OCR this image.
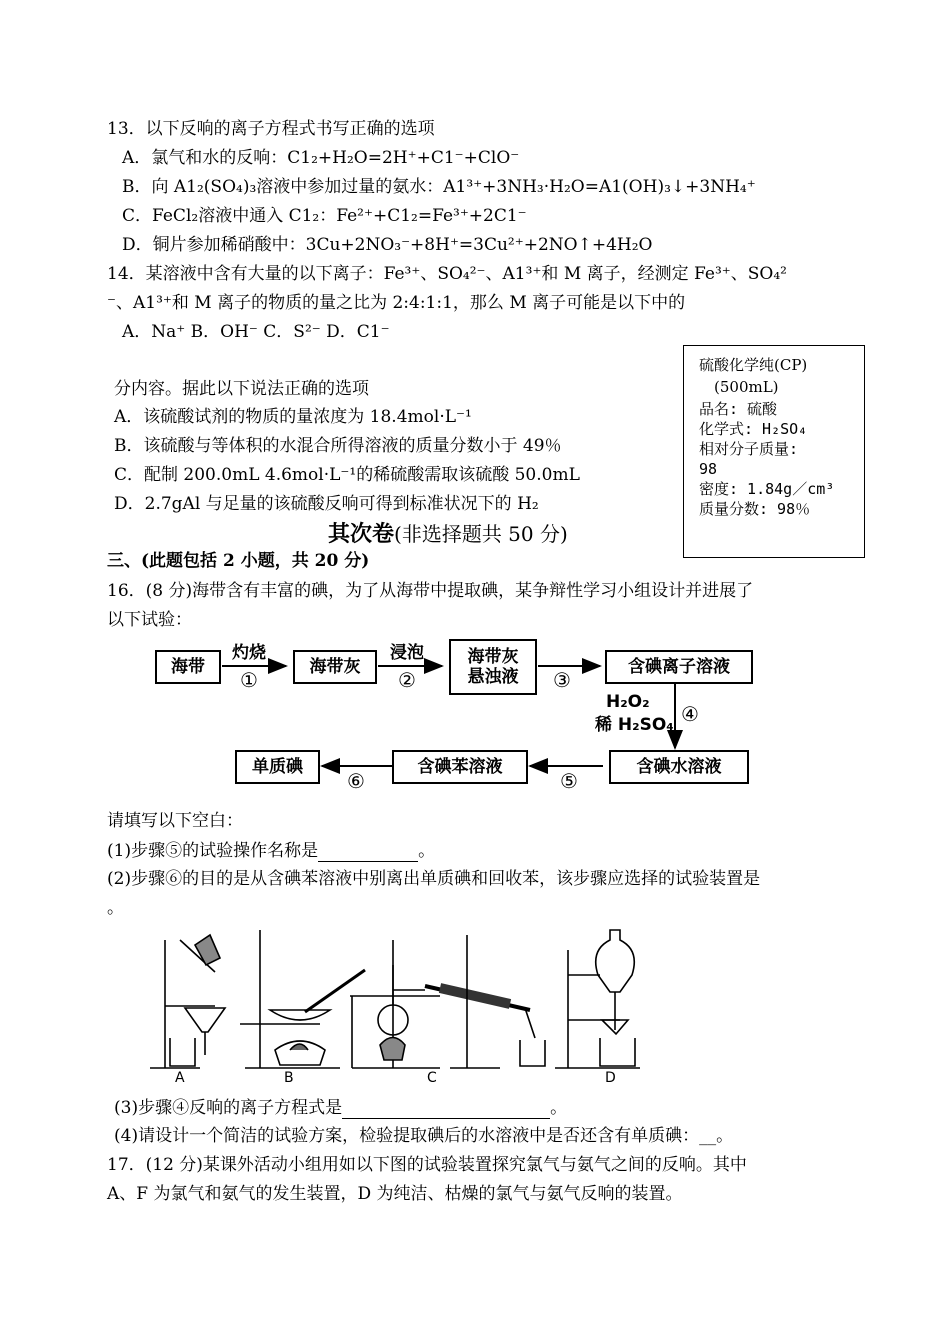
13．以下反响的离子方程式书写正确的选项
A．氯气和水的反响：C1₂+H₂O=2H⁺+C1⁻+ClO⁻
B．向 A1₂(SO₄)₃溶液中参加过量的氨水：A1³⁺+3NH₃·H₂O=A1(OH)₃↓+3NH₄⁺
C．FeCl₂溶液中通入 C1₂：Fe²⁺+C1₂=Fe³⁺+2C1⁻
D．铜片参加稀硝酸中：3Cu+2NO₃⁻+8H⁺=3Cu²⁺+2NO↑+4H₂O
14．某溶液中含有大量的以下离子：Fe³⁺、SO₄²⁻、A1³⁺和 M 离子，经测定 Fe³⁺、SO₄²
⁻、A1³⁺和 M 离子的物质的量之比为 2:4:1:1，那么 M 离子可能是以下中的
A．Na⁺ B．OH⁻ C．S²⁻ D．C1⁻
分内容。据此以下说法正确的选项
A．该硫酸试剂的物质的量浓度为 18.4mol·L⁻¹
B．该硫酸与等体积的水混合所得溶液的质量分数小于 49％
C．配制 200.0mL 4.6mol·L⁻¹的稀硫酸需取该硫酸 50.0mL
D．2.7gAl 与足量的该硫酸反响可得到标准状况下的 H₂
硫酸化学纯(CP)
(500mL)
品名: 硫酸
化学式: H₂SO₄
相对分子质量:
98
密度: 1.84g／cm³
质量分数: 98％
其次卷(非选择题共 50 分)
三、(此题包括 2 小题，共 20 分)
16．(8 分)海带含有丰富的碘，为了从海带中提取碘，某争辩性学习小组设计并进展了
以下试验：
海带	海带灰	海带灰
悬浊液	含碘离子溶液
含碘水溶液
含碘苯溶液
单质碘
灼烧
①
浸泡
②	③
H₂O₂
稀 H₂SO₄ ④
⑤
⑥
请填写以下空白：
(1)步骤⑤的试验操作名称是	。
(2)步骤⑥的目的是从含碘苯溶液中别离出单质碘和回收苯，该步骤应选择的试验装置是
。
A	B	C	D
(3)步骤④反响的离子方程式是	。
(4)请设计一个简洁的试验方案，检验提取碘后的水溶液中是否还含有单质碘：__。
17．(12 分)某课外活动小组用如以下图的试验装置探究氯气与氨气之间的反响。其中
A、F 为氯气和氨气的发生装置，D 为纯洁、枯燥的氯气与氨气反响的装置。
